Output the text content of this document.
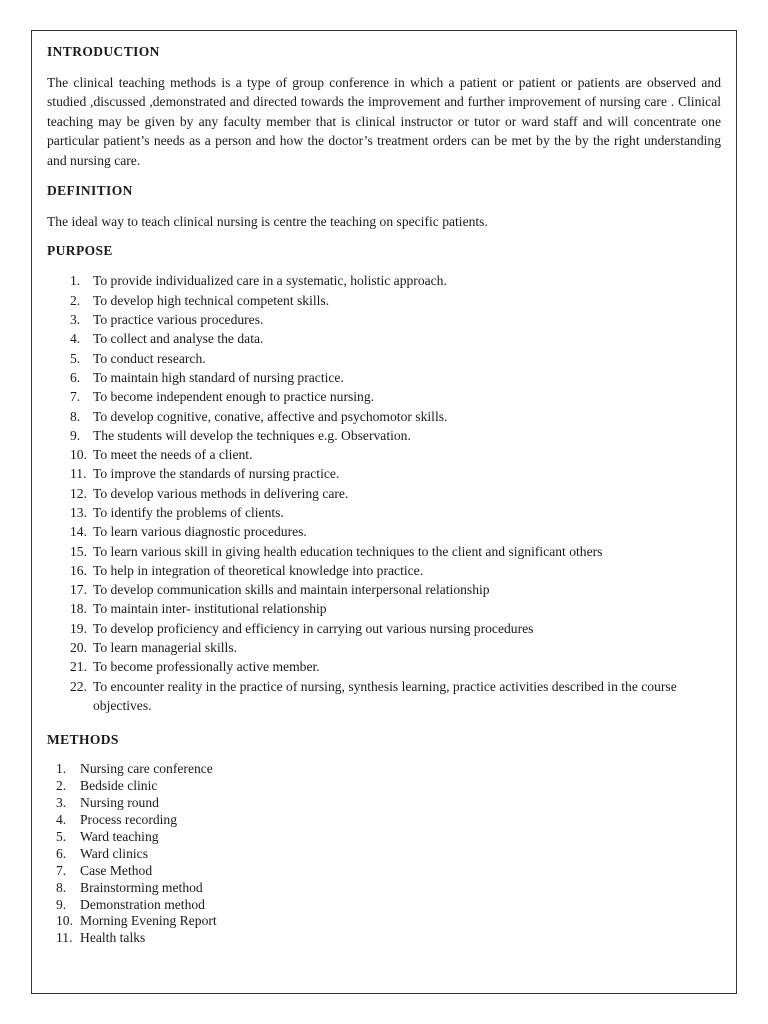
INTRODUCTION

The clinical teaching methods is a type of group conference in which a patient or patient or patients are observed and studied ,discussed ,demonstrated and directed towards the improvement and further improvement of nursing care . Clinical teaching may be given by any faculty member that is clinical instructor or tutor or ward staff and will concentrate one particular patient’s needs as a person and how the doctor’s treatment orders can be met by the by the right understanding and nursing care.

DEFINITION

The ideal way to teach clinical nursing is centre the teaching on specific patients.

PURPOSE
1. To provide individualized care in a systematic, holistic approach.
2. To develop high technical competent skills.
3. To practice various procedures.
4. To collect and analyse the data.
5. To conduct research.
6. To maintain high standard of nursing practice.
7. To become independent enough to practice nursing.
8. To develop cognitive, conative, affective and psychomotor skills.
9. The students will develop the techniques e.g. Observation.
10. To meet the needs of a client.
11. To improve the standards of nursing practice.
12. To develop various methods in delivering care.
13. To identify the problems of clients.
14. To learn various diagnostic procedures.
15. To learn various skill in giving health education techniques to the client and significant others
16. To help in integration of theoretical knowledge into practice.
17. To develop communication skills and maintain interpersonal relationship
18. To maintain inter- institutional relationship
19. To develop proficiency and efficiency in carrying out various nursing procedures
20. To learn managerial skills.
21. To become professionally active member.
22. To encounter reality in the practice of nursing, synthesis learning, practice activities described in the course objectives.
METHODS
1. Nursing care conference
2. Bedside clinic
3. Nursing round
4. Process recording
5. Ward teaching
6. Ward clinics
7. Case Method
8. Brainstorming method
9. Demonstration method
10. Morning Evening Report
11. Health talks
